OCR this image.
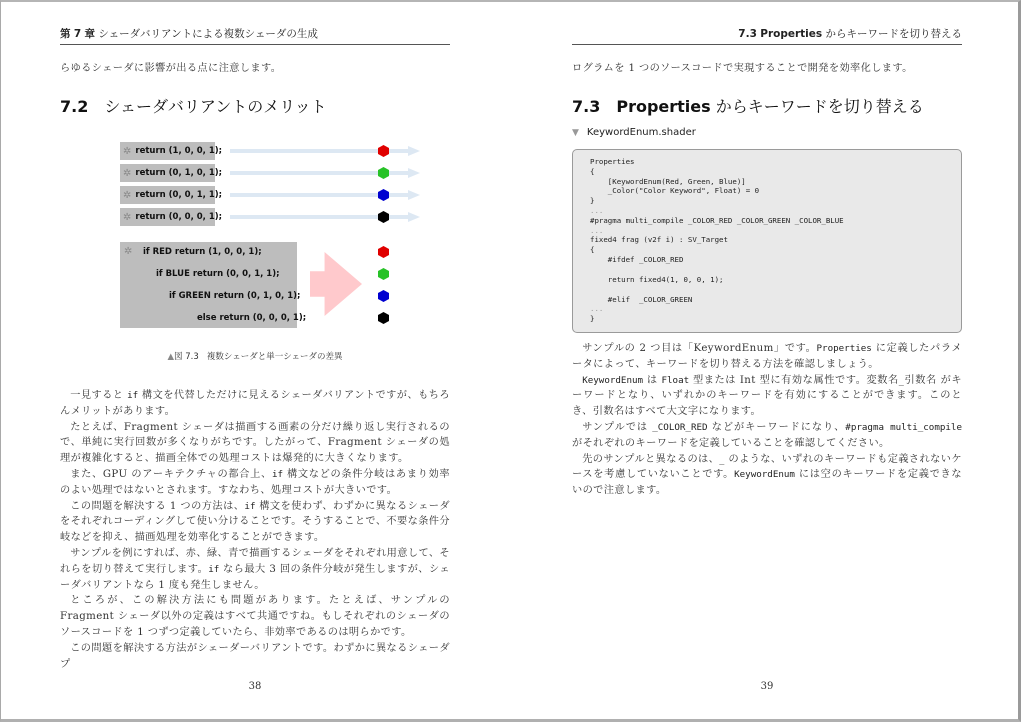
第 7 章 シェーダバリアントによる複数シェーダの生成
らゆるシェーダに影響が出る点に注意します。
7.2 シェーダバリアントのメリット
✲ return (1, 0, 0, 1);
✲ return (0, 1, 0, 1);
✲ return (0, 0, 1, 1);
✲ return (0, 0, 0, 1);
✲ if RED return (1, 0, 0, 1);
if BLUE return (0, 0, 1, 1);
if GREEN return (0, 1, 0, 1);
else return (0, 0, 0, 1);
▲図 7.3 複数シェーダと単一シェーダの差異

一見すると if 構文を代替しただけに見えるシェーダバリアントですが、もちろんメリットがあります。

たとえば、Fragment シェーダは描画する画素の分だけ繰り返し実行されるので、単純に実行回数が多くなりがちです。したがって、Fragment シェーダの処理が複雑化すると、描画全体での処理コストは爆発的に大きくなります。

また、GPU のアーキテクチャの都合上、if 構文などの条件分岐はあまり効率のよい処理ではないとされます。すなわち、処理コストが大きいです。

この問題を解決する 1 つの方法は、if 構文を使わず、わずかに異なるシェーダをそれぞれコーディングして使い分けることです。そうすることで、不要な条件分岐などを抑え、描画処理を効率化することができます。

サンプルを例にすれば、赤、緑、青で描画するシェーダをそれぞれ用意して、それらを切り替えて実行します。if なら最大 3 回の条件分岐が発生しますが、シェーダバリアントなら 1 度も発生しません。

ところが、この解決方法にも問題があります。たとえば、サンプルの Fragment シェーダ以外の定義はすべて共通ですね。もしそれぞれのシェーダのソースコードを 1 つずつ定義していたら、非効率であるのは明らかです。

この問題を解決する方法がシェーダーバリアントです。わずかに異なるシェーダプ

38
7.3 Properties からキーワードを切り替える
ログラムを 1 つのソースコードで実現することで開発を効率化します。
7.3 Properties からキーワードを切り替える
▼ KeywordEnum.shader
Properties
{
[KeywordEnum(Red, Green, Blue)]
_Color("Color Keyword", Float) = 0
}
...
#pragma multi_compile _COLOR_RED _COLOR_GREEN _COLOR_BLUE
...
fixed4 frag (v2f i) : SV_Target
{
#ifdef _COLOR_RED
return fixed4(1, 0, 0, 1);
#elif  _COLOR_GREEN
...
}

サンプルの 2 つ目は「KeywordEnum」です。Properties に定義したパラメータによって、キーワードを切り替える方法を確認しましょう。

KeywordEnum は Float 型または Int 型に有効な属性です。変数名_引数名 がキーワードとなり、いずれかのキーワードを有効にすることができます。このとき、引数名はすべて大文字になります。

サンプルでは _COLOR_RED などがキーワードになり、#pragma multi_compile がそれぞれのキーワードを定義していることを確認してください。

先のサンプルと異なるのは、_ のような、いずれのキーワードも定義されないケースを考慮していないことです。KeywordEnum には空のキーワードを定義できないので注意します。

39
